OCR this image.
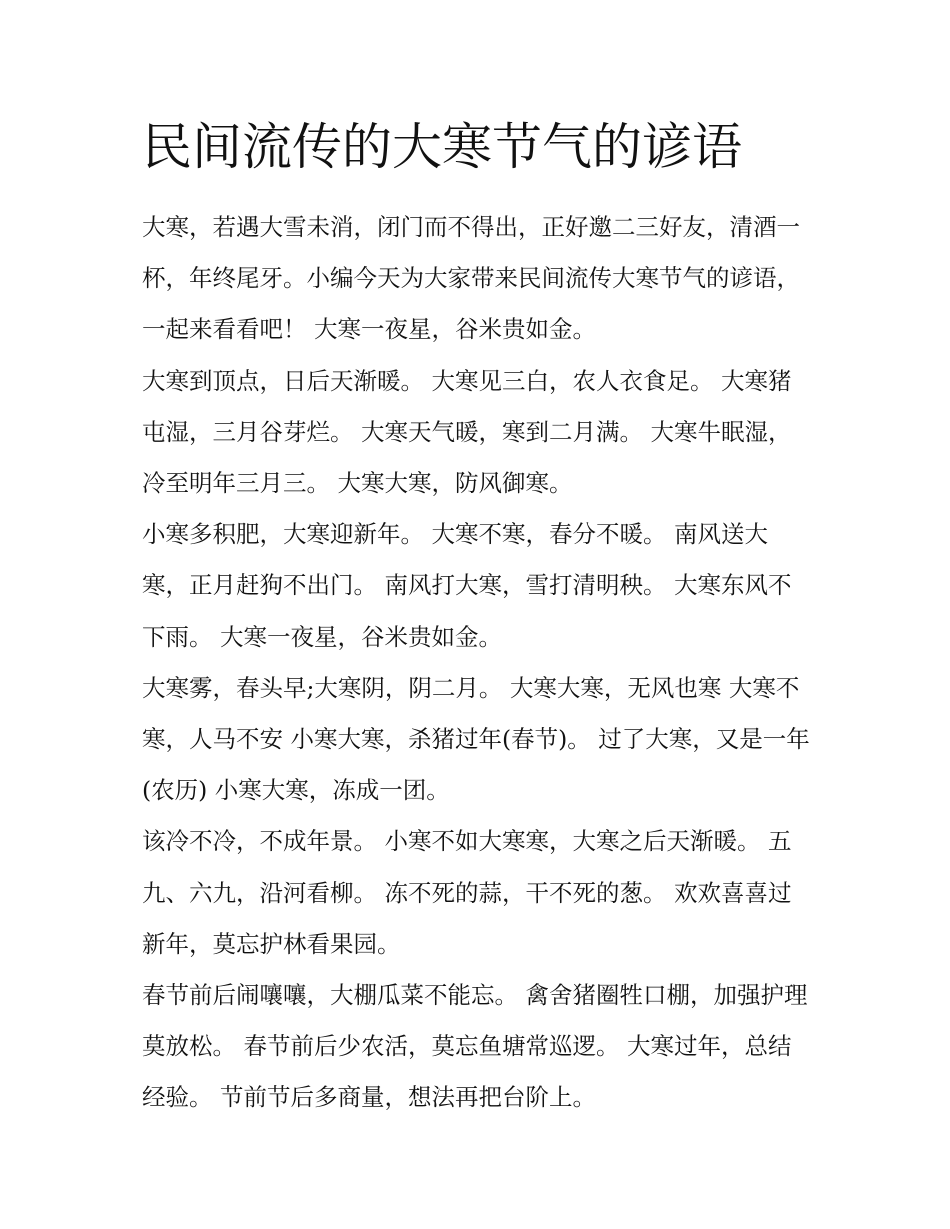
民间流传的大寒节气的谚语

大寒，若遇大雪未消，闭门而不得出，正好邀二三好友，清酒一杯，年终尾牙。小编今天为大家带来民间流传大寒节气的谚语，一起来看看吧！ 大寒一夜星，谷米贵如金。

大寒到顶点，日后天渐暖。 大寒见三白，农人衣食足。 大寒猪屯湿，三月谷芽烂。 大寒天气暖，寒到二月满。 大寒牛眠湿，冷至明年三月三。 大寒大寒，防风御寒。

小寒多积肥，大寒迎新年。 大寒不寒，春分不暖。 南风送大寒，正月赶狗不出门。 南风打大寒，雪打清明秧。 大寒东风不下雨。 大寒一夜星，谷米贵如金。

大寒雾，春头早;大寒阴，阴二月。 大寒大寒，无风也寒 大寒不寒，人马不安 小寒大寒，杀猪过年(春节)。 过了大寒，又是一年(农历) 小寒大寒，冻成一团。

该冷不冷，不成年景。 小寒不如大寒寒，大寒之后天渐暖。 五九、六九，沿河看柳。 冻不死的蒜，干不死的葱。 欢欢喜喜过新年，莫忘护林看果园。

春节前后闹嚷嚷，大棚瓜菜不能忘。 禽舍猪圈牲口棚，加强护理莫放松。 春节前后少农活，莫忘鱼塘常巡逻。 大寒过年，总结经验。 节前节后多商量，想法再把台阶上。
